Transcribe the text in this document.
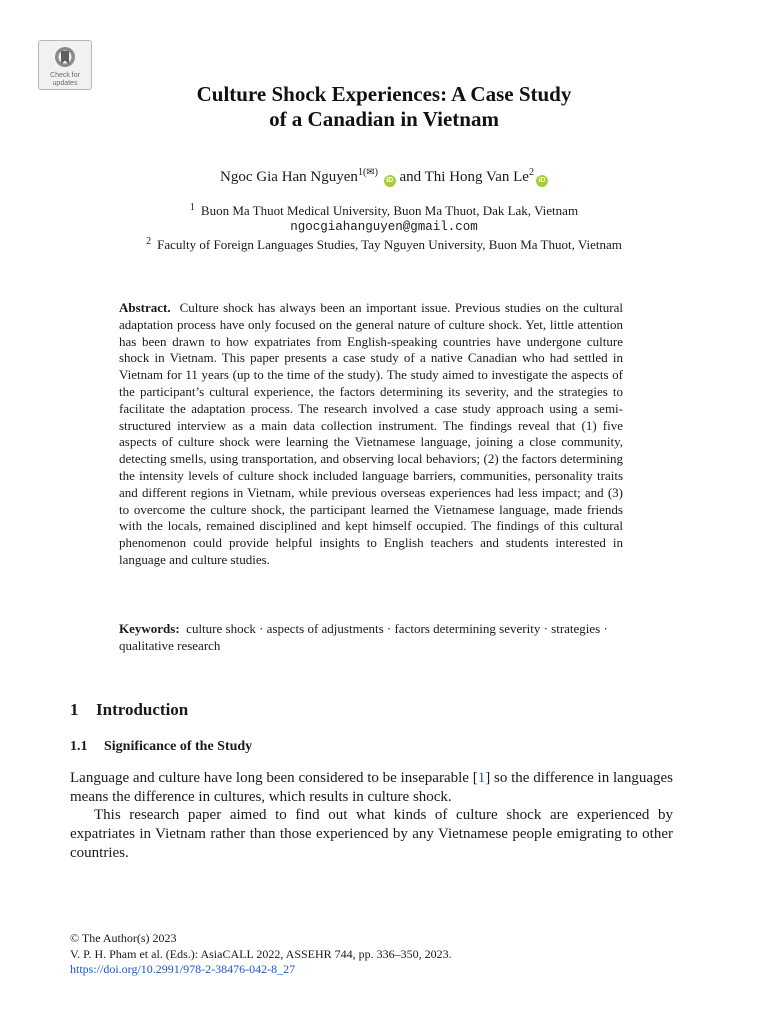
Check for
updates	Culture Shock Experiences: A Case Study
of a Canadian in Vietnam
Ngoc Gia Han Nguyen$^{1(✉)}$ iD and Thi Hong Van Le$^2$iD
$^1$ Buon Ma Thuot Medical University, Buon Ma Thuot, Dak Lak, Vietnam
ngocgiahanguyen@gmail.com
$^2$ Faculty of Foreign Languages Studies, Tay Nguyen University, Buon Ma Thuot, Vietnam

Abstract. Culture shock has always been an important issue. Previous studies on the cultural adaptation process have only focused on the general nature of culture shock. Yet, little attention has been drawn to how expatriates from English-speaking countries have undergone culture shock in Vietnam. This paper presents a case study of a native Canadian who had settled in Vietnam for 11 years (up to the time of the study). The study aimed to investigate the aspects of the participant’s cultural experience, the factors determining its severity, and the strategies to facilitate the adaptation process. The research involved a case study approach using a semi-structured interview as a main data collection instrument. The findings reveal that (1) five aspects of culture shock were learning the Vietnamese language, joining a close community, detecting smells, using transportation, and observing local behaviors; (2) the factors determining the intensity levels of culture shock included language barriers, communities, personality traits and different regions in Vietnam, while previous overseas experiences had less impact; and (3) to overcome the culture shock, the participant learned the Vietnamese language, made friends with the locals, remained disciplined and kept himself occupied. The findings of this cultural phenomenon could provide helpful insights to English teachers and students interested in language and culture studies.

Keywords: culture shock · aspects of adjustments · factors determining severity · strategies · qualitative research

1 Introduction
1.1 Significance of the Study

Language and culture have long been considered to be inseparable [1] so the difference in languages means the difference in cultures, which results in culture shock.

This research paper aimed to find out what kinds of culture shock are experienced by expatriates in Vietnam rather than those experienced by any Vietnamese people emigrating to other countries.

© The Author(s) 2023
V. P. H. Pham et al. (Eds.): AsiaCALL 2022, ASSEHR 744, pp. 336–350, 2023.
https://doi.org/10.2991/978-2-38476-042-8_27
